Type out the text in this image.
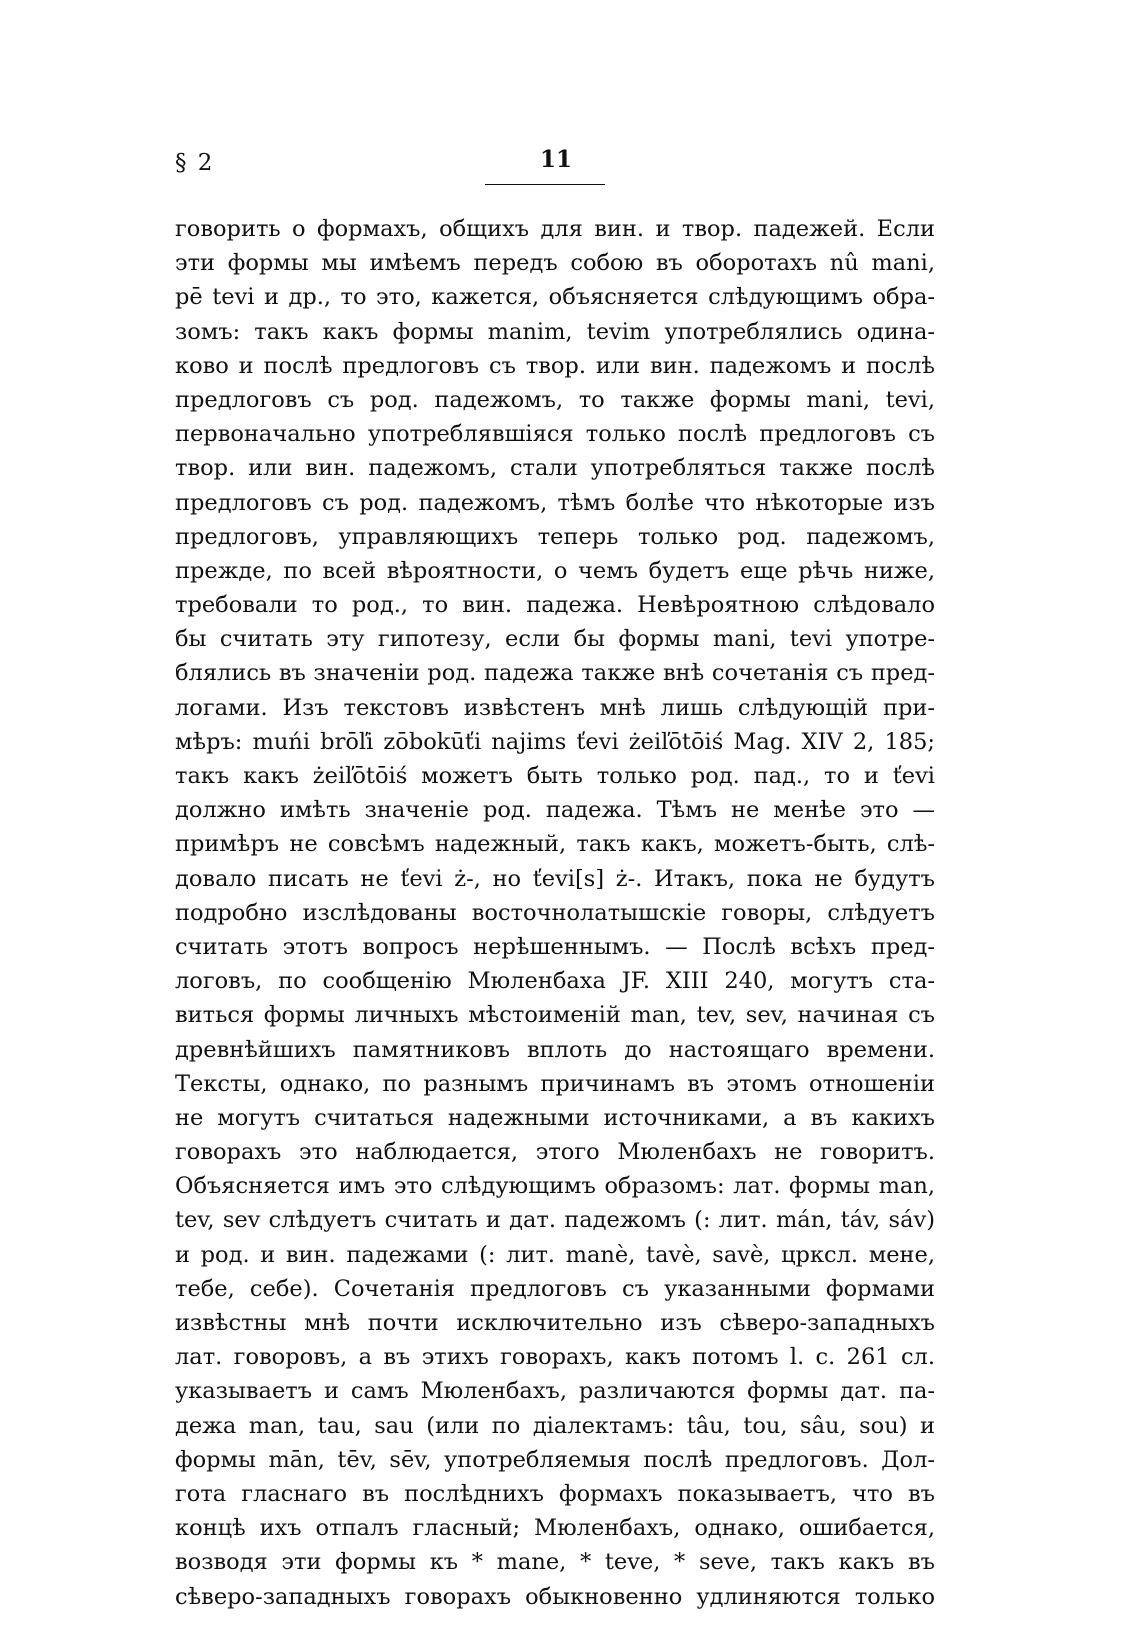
§ 2	11
говорить о формахъ, общихъ для вин. и твор. падежей. Если
эти формы мы имѣемъ передъ собою въ оборотахъ nû mani,
pē tevi и др., то это, кажется, объясняется слѣдующимъ обра-
зомъ: такъ какъ формы manim, tevim употреблялись одина-
ково и послѣ предлоговъ съ твор. или вин. падежомъ и послѣ
предлоговъ съ род. падежомъ, то также формы mani, tevi,
первоначально употреблявшіяся только послѣ предлоговъ съ
твор. или вин. падежомъ, стали употребляться также послѣ
предлоговъ съ род. падежомъ, тѣмъ болѣе что нѣкоторые изъ
предлоговъ, управляющихъ теперь только род. падежомъ,
прежде, по всей вѣроятности, о чемъ будетъ еще рѣчь ниже,
требовали то род., то вин. падежа. Невѣроятною слѣдовало
бы считать эту гипотезу, если бы формы mani, tevi употре-
блялись въ значеніи род. падежа также внѣ сочетанія съ пред-
логами. Изъ текстовъ извѣстенъ мнѣ лишь слѣдующій при-
мѣръ: muńi brōľi zōbokūťi najims ťevi żeiľōtōiś Mag. XIV 2, 185;
такъ какъ żeiľōtōiś можетъ быть только род. пад., то и ťevi
должно имѣть значеніе род. падежа. Тѣмъ не менѣе это —
примѣръ не совсѣмъ надежный, такъ какъ, можетъ-быть, слѣ-
довало писать не ťevi ż-, но ťevi[s] ż-. Итакъ, пока не будутъ
подробно изслѣдованы восточнолатышскіе говоры, слѣдуетъ
считать этотъ вопросъ нерѣшеннымъ. — Послѣ всѣхъ пред-
логовъ, по сообщенію Мюленбаха JF. XIII 240, могутъ ста-
виться формы личныхъ мѣстоименій man, tev, sev, начиная съ
древнѣйшихъ памятниковъ вплоть до настоящаго времени.
Тексты, однако, по разнымъ причинамъ въ этомъ отношеніи
не могутъ считаться надежными источниками, а въ какихъ
говорахъ это наблюдается, этого Мюленбахъ не говоритъ.
Объясняется имъ это слѣдующимъ образомъ: лат. формы man,
tev, sev слѣдуетъ считать и дат. падежомъ (: лит. mán, táv, sáv)
и род. и вин. падежами (: лит. manè, tavè, savè, цркcл. мене,
тебе, себе). Сочетанія предлоговъ съ указанными формами
извѣстны мнѣ почти исключительно изъ сѣверо-западныхъ
лат. говоровъ, а въ этихъ говорахъ, какъ потомъ l. c. 261 сл.
указываетъ и самъ Мюленбахъ, различаются формы дат. па-
дежа man, tau, sau (или по діалектамъ: tâu, tou, sâu, sou) и
формы mān, tēv, sēv, употребляемыя послѣ предлоговъ. Дол-
гота гласнаго въ послѣднихъ формахъ показываетъ, что въ
концѣ ихъ отпалъ гласный; Мюленбахъ, однако, ошибается,
возводя эти формы къ * mane, * teve, * seve, такъ какъ въ
сѣверо-западныхъ говорахъ обыкновенно удлиняются только
